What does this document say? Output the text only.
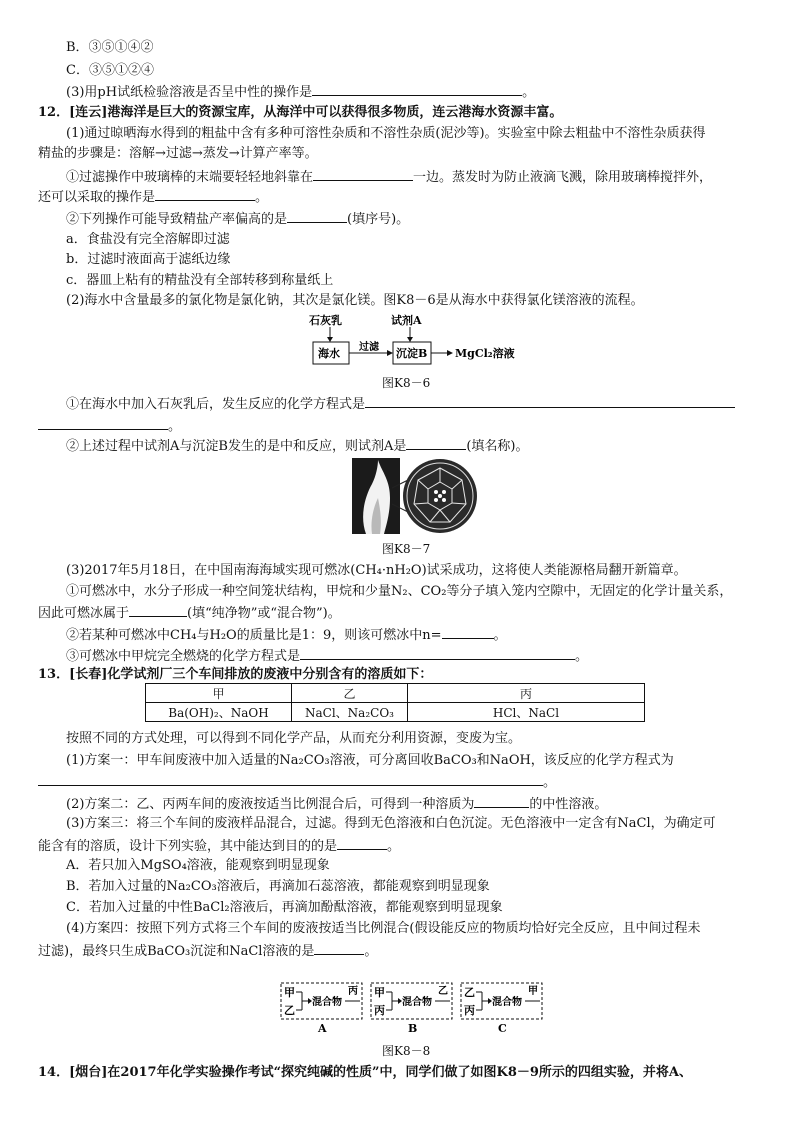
B．③⑤①④②
C．③⑤①②④
(3)用pH试纸检验溶液是否呈中性的操作是	。
12．[连云]港海洋是巨大的资源宝库，从海洋中可以获得很多物质，连云港海水资源丰富。
(1)通过晾晒海水得到的粗盐中含有多种可溶性杂质和不溶性杂质(泥沙等)。实验室中除去粗盐中不溶性杂质获得
精盐的步骤是：溶解→过滤→蒸发→计算产率等。
①过滤操作中玻璃棒的末端要轻轻地斜靠在	一边。蒸发时为防止液滴飞溅，除用玻璃棒搅拌外，
还可以采取的操作是	。
②下列操作可能导致精盐产率偏高的是	(填序号)。
a．食盐没有完全溶解即过滤
b．过滤时液面高于滤纸边缘
c．器皿上粘有的精盐没有全部转移到称量纸上
(2)海水中含量最多的氯化物是氯化钠，其次是氯化镁。图K8－6是从海水中获得氯化镁溶液的流程。
石灰乳	试剂A
海水 过滤 沉淀B	MgCl₂溶液
图K8－6
①在海水中加入石灰乳后，发生反应的化学方程式是
。
②上述过程中试剂A与沉淀B发生的是中和反应，则试剂A是	(填名称)。
图K8－7
(3)2017年5月18日，在中国南海海域实现可燃冰(CH₄·nH₂O)试采成功，这将使人类能源格局翻开新篇章。
①可燃冰中，水分子形成一种空间笼状结构，甲烷和少量N₂、CO₂等分子填入笼内空隙中，无固定的化学计量关系，
因此可燃冰属于	(填“纯净物”或“混合物”)。
②若某种可燃冰中CH₄与H₂O的质量比是1：9，则该可燃冰中n=	。
③可燃冰中甲烷完全燃烧的化学方程式是	。
13．[长春]化学试剂厂三个车间排放的废液中分别含有的溶质如下：
甲	乙	丙
Ba(OH)₂、NaOH	NaCl、Na₂CO₃	HCl、NaCl
按照不同的方式处理，可以得到不同化学产品，从而充分利用资源，变废为宝。
(1)方案一：甲车间废液中加入适量的Na₂CO₃溶液，可分离回收BaCO₃和NaOH，该反应的化学方程式为
。
(2)方案二：乙、丙两车间的废液按适当比例混合后，可得到一种溶质为	的中性溶液。
(3)方案三：将三个车间的废液样品混合，过滤。得到无色溶液和白色沉淀。无色溶液中一定含有NaCl，为确定可
能含有的溶质，设计下列实验，其中能达到目的的是	。
A．若只加入MgSO₄溶液，能观察到明显现象
B．若加入过量的Na₂CO₃溶液后，再滴加石蕊溶液，都能观察到明显现象
C．若加入过量的中性BaCl₂溶液后，再滴加酚酞溶液，都能观察到明显现象
(4)方案四：按照下列方式将三个车间的废液按适当比例混合(假设能反应的物质均恰好完全反应，且中间过程未
过滤)，最终只生成BaCO₃沉淀和NaCl溶液的是	。
甲
乙
混合物
丙
A
甲
丙
混合物
乙
B
乙
丙
混合物
甲
C
图K8－8
14．[烟台]在2017年化学实验操作考试“探究纯碱的性质”中，同学们做了如图K8－9所示的四组实验，并将A、
